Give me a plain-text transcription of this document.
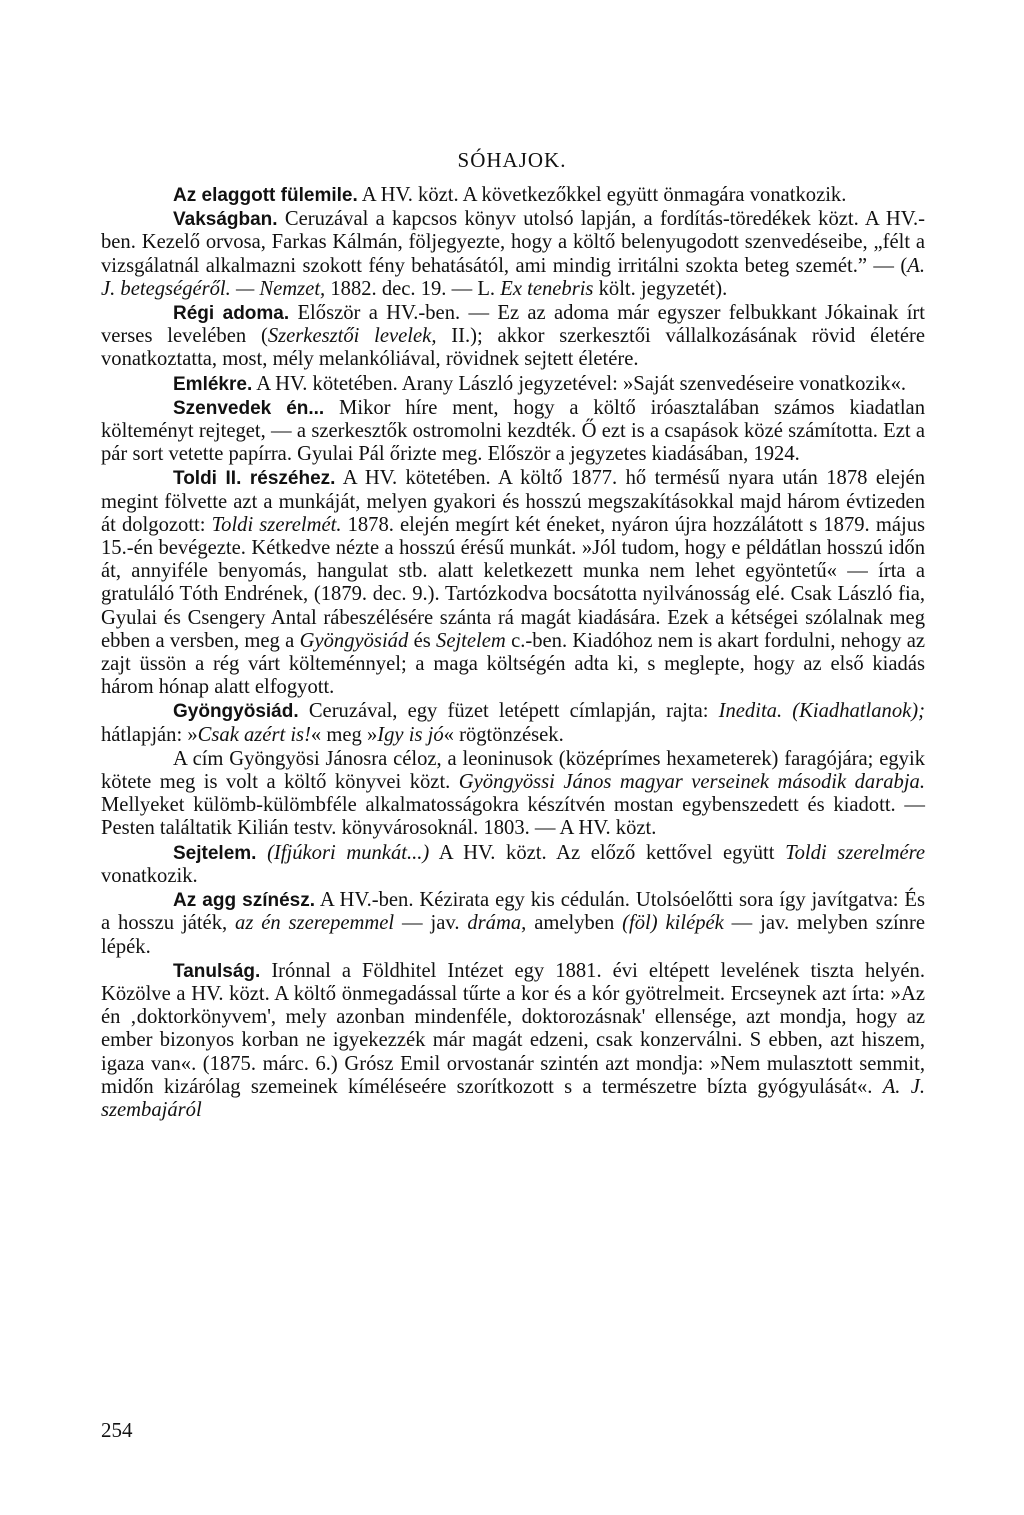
SÓHAJOK.

Az elaggott fülemile. A HV. közt. A következőkkel együtt önmagára vonatkozik.

Vakságban. Ceruzával a kapcsos könyv utolsó lapján, a fordítás-töredékek közt. A HV.-ben. Kezelő orvosa, Farkas Kálmán, följegyezte, hogy a költő belenyugodott szenvedéseibe, „félt a vizsgálatnál alkalmazni szokott fény behatásától, ami mindig irritálni szokta beteg szemét.” — (A. J. betegségéről. — Nemzet, 1882. dec. 19. — L. Ex tenebris költ. jegyzetét).

Régi adoma. Először a HV.-ben. — Ez az adoma már egyszer felbukkant Jókainak írt verses levelében (Szerkesztői levelek, II.); akkor szerkesztői vállalkozásának rövid életére vonatkoztatta, most, mély melankóliával, rövidnek sejtett életére.

Emlékre. A HV. kötetében. Arany László jegyzetével: »Saját szenvedéseire vonatkozik«.

Szenvedek én... Mikor híre ment, hogy a költő iróasztalában számos kiadatlan költeményt rejteget, — a szerkesztők ostromolni kezdték. Ő ezt is a csapások közé számította. Ezt a pár sort vetette papírra. Gyulai Pál őrizte meg. Először a jegyzetes kiadásában, 1924.

Toldi II. részéhez. A HV. kötetében. A költő 1877. hő termésű nyara után 1878 elején megint fölvette azt a munkáját, melyen gyakori és hosszú megszakításokkal majd három évtizeden át dolgozott: Toldi szerelmét. 1878. elején megírt két éneket, nyáron újra hozzálátott s 1879. május 15.-én bevégezte. Kétkedve nézte a hosszú érésű munkát. »Jól tudom, hogy e példátlan hosszú időn át, annyiféle benyomás, hangulat stb. alatt keletkezett munka nem lehet egyöntetű« — írta a gratuláló Tóth Endrének, (1879. dec. 9.). Tartózkodva bocsátotta nyilvánosság elé. Csak László fia, Gyulai és Csengery Antal rábeszélésére szánta rá magát kiadására. Ezek a kétségei szólalnak meg ebben a versben, meg a Gyöngyösiád és Sejtelem c.-ben. Kiadóhoz nem is akart fordulni, nehogy az zajt üssön a rég várt költeménnyel; a maga költségén adta ki, s meglepte, hogy az első kiadás három hónap alatt elfogyott.

Gyöngyösiád. Ceruzával, egy füzet letépett címlapján, rajta: Inedita. (Kiadhatlanok); hátlapján: »Csak azért is!« meg »Igy is jó« rögtönzések.

A cím Gyöngyösi Jánosra céloz, a leoninusok (középrímes hexameterek) faragójára; egyik kötete meg is volt a költő könyvei közt. Gyöngyössi János magyar verseinek második darabja. Mellyeket külömb-külömbféle alkalmatosságokra készítvén mostan egybenszedett és kiadott. — Pesten találtatik Kilián testv. könyvárosoknál. 1803. — A HV. közt.

Sejtelem. (Ifjúkori munkát...) A HV. közt. Az előző kettővel együtt Toldi szerelmére vonatkozik.

Az agg színész. A HV.-ben. Kézirata egy kis cédulán. Utolsóelőtti sora így javítgatva: És a hosszu játék, az én szerepemmel — jav. dráma, amelyben (föl) kilépék — jav. melyben színre lépék.

Tanulság. Irónnal a Földhitel Intézet egy 1881. évi eltépett levelének tiszta helyén. Közölve a HV. közt. A költő önmegadással tűrte a kor és a kór gyötrelmeit. Ercseynek azt írta: »Az én ‚doktorkönyvem', mely azonban mindenféle, doktorozásnak' ellensége, azt mondja, hogy az ember bizonyos korban ne igyekezzék már magát edzeni, csak konzerválni. S ebben, azt hiszem, igaza van«. (1875. márc. 6.) Grósz Emil orvostanár szintén azt mondja: »Nem mulasztott semmit, midőn kizárólag szemeinek kíméléseére szorítkozott s a természetre bízta gyógyulását«. A. J. szembajáról

254
